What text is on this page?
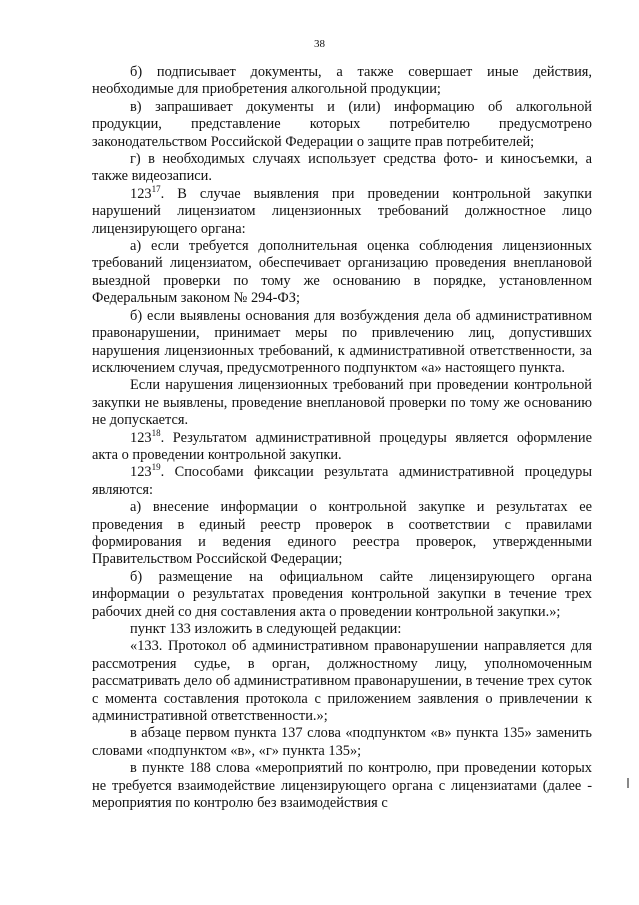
38

б) подписывает документы, а также совершает иные действия, необходимые для приобретения алкогольной продукции;

в) запрашивает документы и (или) информацию об алкогольной продукции, представление которых потребителю предусмотрено законодательством Российской Федерации о защите прав потребителей;

г) в необходимых случаях использует средства фото- и киносъемки, а также видеозаписи.

$123^{17}$. В случае выявления при проведении контрольной закупки нарушений лицензиатом лицензионных требований должностное лицо лицензирующего органа:

а) если требуется дополнительная оценка соблюдения лицензионных требований лицензиатом, обеспечивает организацию проведения внеплановой выездной проверки по тому же основанию в порядке, установленном Федеральным законом № 294-ФЗ;

б) если выявлены основания для возбуждения дела об административном правонарушении, принимает меры по привлечению лиц, допустивших нарушения лицензионных требований, к административной ответственности, за исключением случая, предусмотренного подпунктом «а» настоящего пункта.

Если нарушения лицензионных требований при проведении контрольной закупки не выявлены, проведение внеплановой проверки по тому же основанию не допускается.

$123^{18}$. Результатом административной процедуры является оформление акта о проведении контрольной закупки.

$123^{19}$. Способами фиксации результата административной процедуры являются:

а) внесение информации о контрольной закупке и результатах ее проведения в единый реестр проверок в соответствии с правилами формирования и ведения единого реестра проверок, утвержденными Правительством Российской Федерации;

б) размещение на официальном сайте лицензирующего органа информации о результатах проведения контрольной закупки в течение трех рабочих дней со дня составления акта о проведении контрольной закупки.»;

пункт 133 изложить в следующей редакции:

«133. Протокол об административном правонарушении направляется для рассмотрения судье, в орган, должностному лицу, уполномоченным рассматривать дело об административном правонарушении, в течение трех суток с момента составления протокола с приложением заявления о привлечении к административной ответственности.»;

в абзаце первом пункта 137 слова «подпунктом «в» пункта 135» заменить словами «подпунктом «в», «г» пункта 135»;

в пункте 188 слова «мероприятий по контролю, при проведении которых не требуется взаимодействие лицензирующего органа с лицензиатами (далее - мероприятия по контролю без взаимодействия с
